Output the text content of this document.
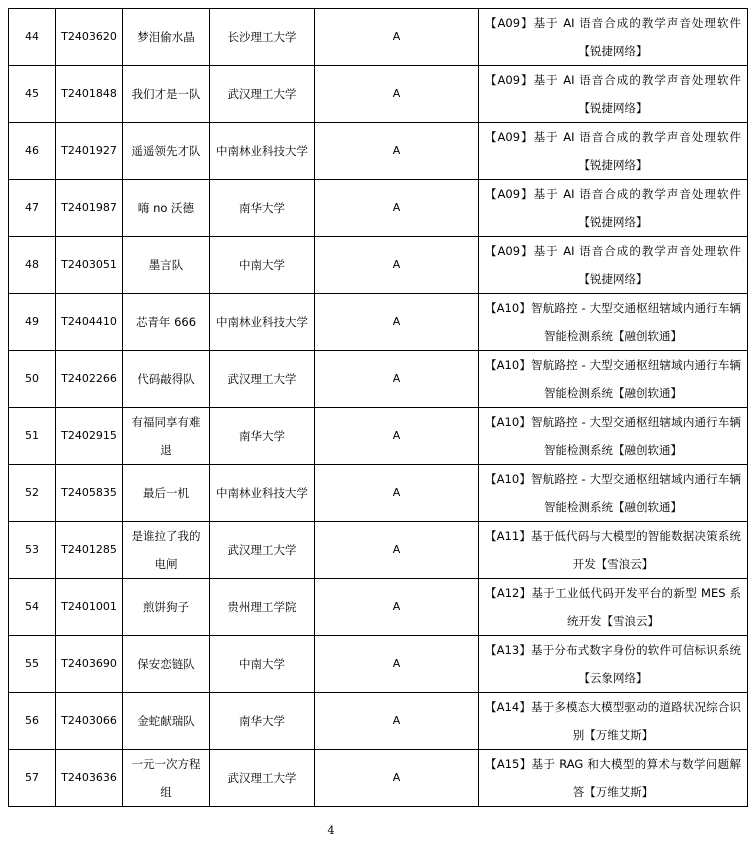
44	T2403620	梦泪偷水晶	长沙理工大学	A	【A09】基于 AI 语音合成的教学声音处理软件【锐捷网络】
45	T2401848	我们才是一队	武汉理工大学	A	【A09】基于 AI 语音合成的教学声音处理软件【锐捷网络】
46	T2401927	遥遥领先才队	中南林业科技大学	A	【A09】基于 AI 语音合成的教学声音处理软件【锐捷网络】
47	T2401987	嗨 no 沃德	南华大学	A	【A09】基于 AI 语音合成的教学声音处理软件【锐捷网络】
48	T2403051	墨言队	中南大学	A	【A09】基于 AI 语音合成的教学声音处理软件【锐捷网络】
49	T2404410	芯青年 666	中南林业科技大学	A	【A10】智航路控 - 大型交通枢纽辖域内通行车辆智能检测系统【融创软通】
50	T2402266	代码敲得队	武汉理工大学	A	【A10】智航路控 - 大型交通枢纽辖域内通行车辆智能检测系统【融创软通】
51	T2402915	有福同享有难退	南华大学	A	【A10】智航路控 - 大型交通枢纽辖域内通行车辆智能检测系统【融创软通】
52	T2405835	最后一机	中南林业科技大学	A	【A10】智航路控 - 大型交通枢纽辖域内通行车辆智能检测系统【融创软通】
53	T2401285	是谁拉了我的电闸	武汉理工大学	A	【A11】基于低代码与大模型的智能数据决策系统开发【雪浪云】
54	T2401001	煎饼狗子	贵州理工学院	A	【A12】基于工业低代码开发平台的新型 MES 系统开发【雪浪云】
55	T2403690	保安恋链队	中南大学	A	【A13】基于分布式数字身份的软件可信标识系统【云象网络】
56	T2403066	金蛇献瑞队	南华大学	A	【A14】基于多模态大模型驱动的道路状况综合识别【万维艾斯】
57	T2403636	一元一次方程组	武汉理工大学	A	【A15】基于 RAG 和大模型的算术与数学问题解答【万维艾斯】
4
